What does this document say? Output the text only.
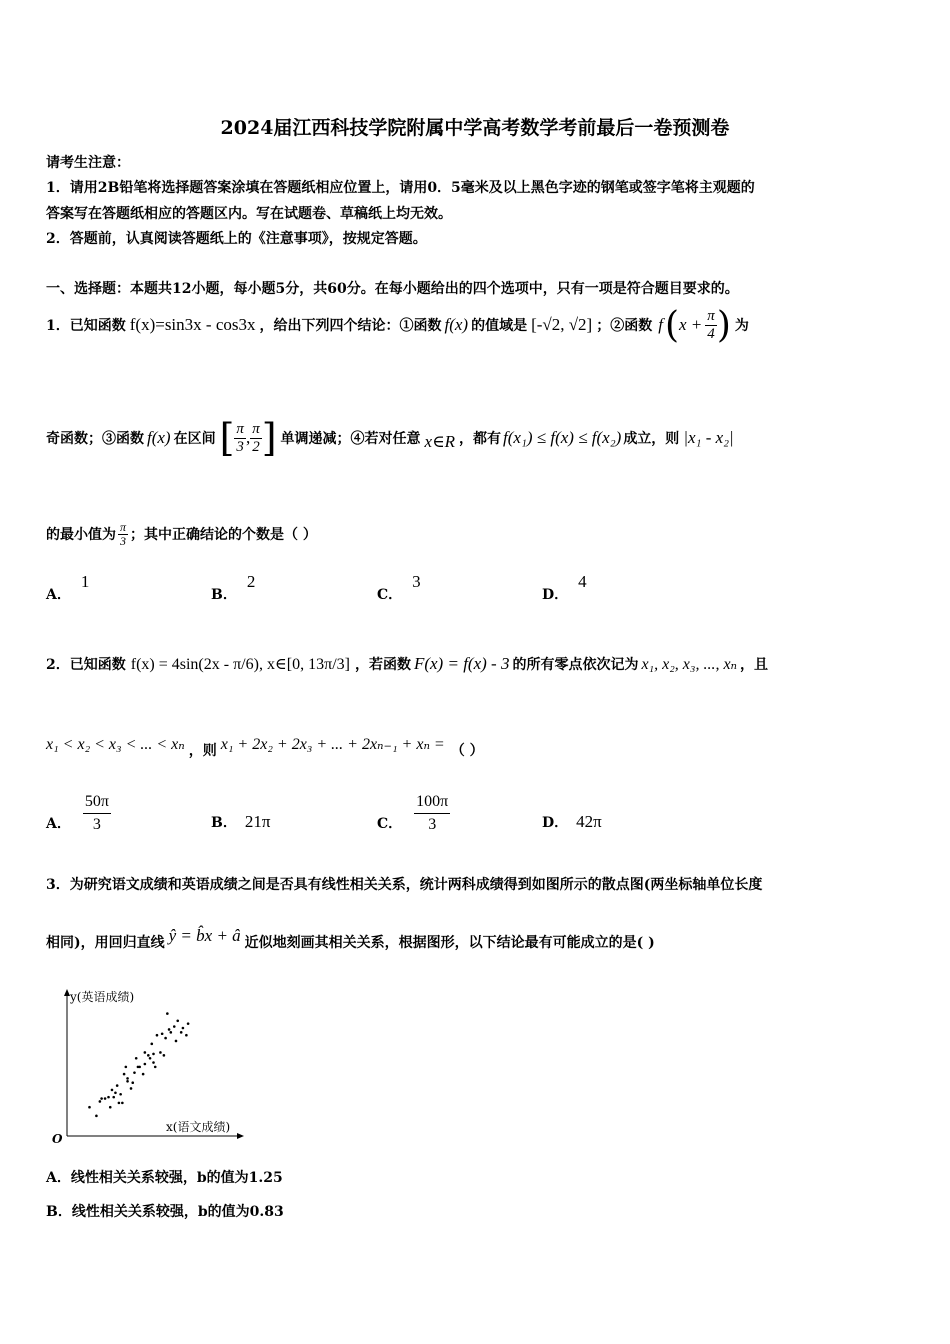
2024届江西科技学院附属中学高考数学考前最后一卷预测卷
请考生注意：
1．请用2B铅笔将选择题答案涂填在答题纸相应位置上，请用0．5毫米及以上黑色字迹的钢笔或签字笔将主观题的
答案写在答题纸相应的答题区内。写在试题卷、草稿纸上均无效。
2．答题前，认真阅读答题纸上的《注意事项》，按规定答题。
一、选择题：本题共12小题，每小题5分，共60分。在每小题给出的四个选项中，只有一项是符合题目要求的。
1．已知函数 f(x)=sin3x - cos3x ，给出下列四个结论：①函数 f(x) 的值域是 [-√2, √2] ；②函数 f ( $x + \frac{\pi}{4}$ ) 为
奇函数；③函数 f(x) 在区间 [ $\frac{\pi}{3}$ , $\frac{\pi}{2}$ ] 单调递减；④若对任意 x∈R ，都有 f(x₁) ≤ f(x) ≤ f(x₂) 成立，则 |x₁ - x₂|
的最小值为 $\frac{\pi}{3}$ ；其中正确结论的个数是（ ）
A．1
B．2
C．3
D．4
2．已知函数 f(x) = 4sin(2x - π/6), x∈[0, 13π/3] ，若函数 F(x) = f(x) - 3 的所有零点依次记为 x₁, x₂, x₃, ..., xₙ ，且
x₁ < x₂ < x₃ < ... < xₙ ，则 x₁ + 2x₂ + 2x₃ + ... + 2xₙ₋₁ + xₙ = （ ）
A． $\frac{50\pi}{3}$	B． 21π	C． $\frac{100\pi}{3}$	D． 42π
3．为研究语文成绩和英语成绩之间是否具有线性相关关系，统计两科成绩得到如图所示的散点图(两坐标轴单位长度
相同)，用回归直线 ŷ = b̂x + â 近似地刻画其相关关系，根据图形，以下结论最有可能成立的是( )
y(英语成绩)
x(语文成绩)
O
A．线性相关关系较强，b的值为1.25
B．线性相关关系较强，b的值为0.83
